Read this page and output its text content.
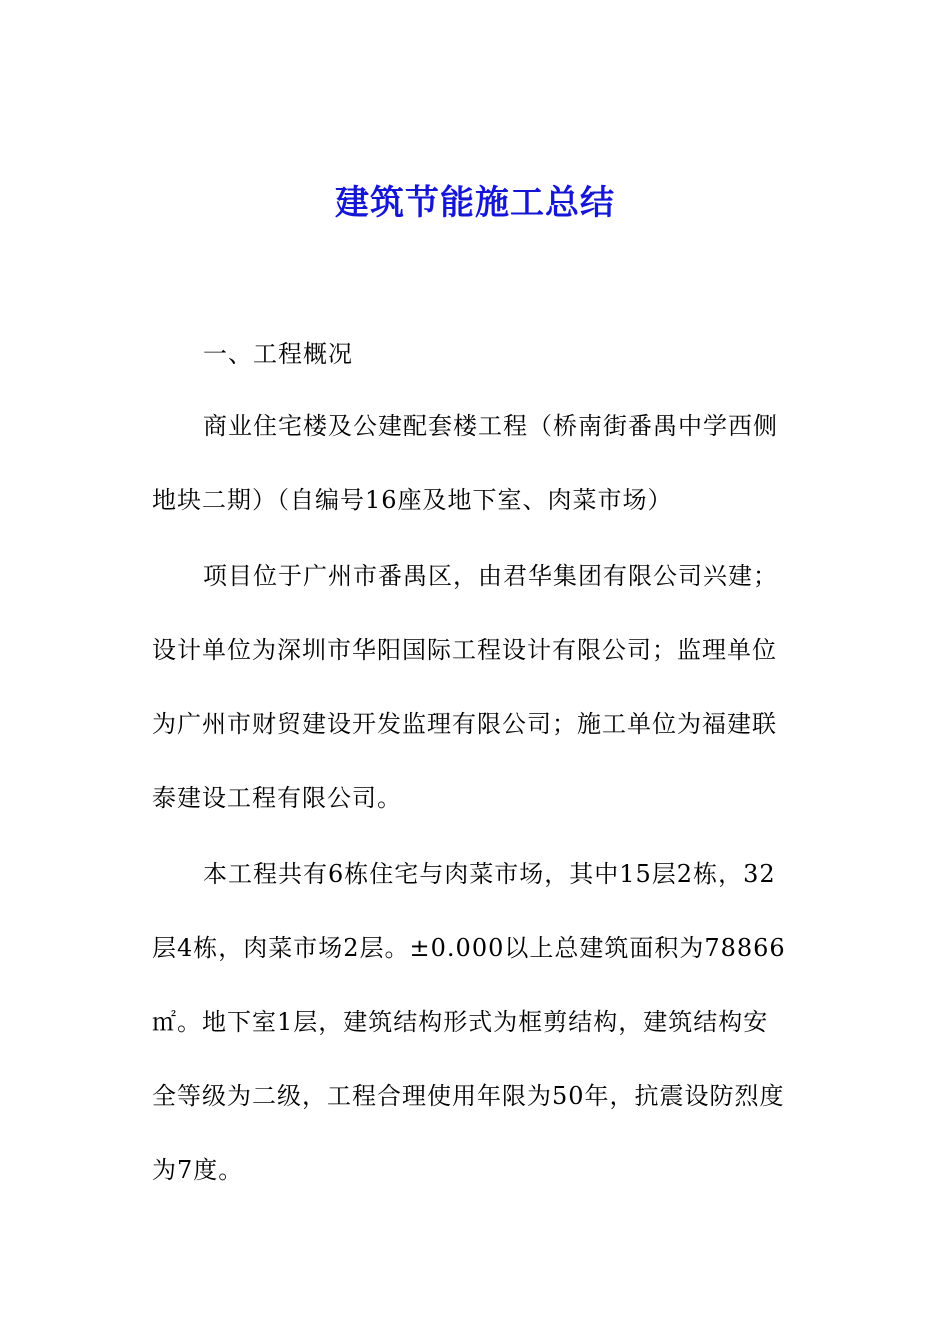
建筑节能施工总结
一、工程概况
商业住宅楼及公建配套楼工程（桥南街番禺中学西侧
地块二期）（自编号16座及地下室、肉菜市场）
项目位于广州市番禺区，由君华集团有限公司兴建；
设计单位为深圳市华阳国际工程设计有限公司；监理单位
为广州市财贸建设开发监理有限公司；施工单位为福建联
泰建设工程有限公司。
本工程共有6栋住宅与肉菜市场，其中15层2栋，32
层4栋，肉菜市场2层。±0.000以上总建筑面积为78866
㎡。地下室1层，建筑结构形式为框剪结构，建筑结构安
全等级为二级，工程合理使用年限为50年，抗震设防烈度
为7度。
